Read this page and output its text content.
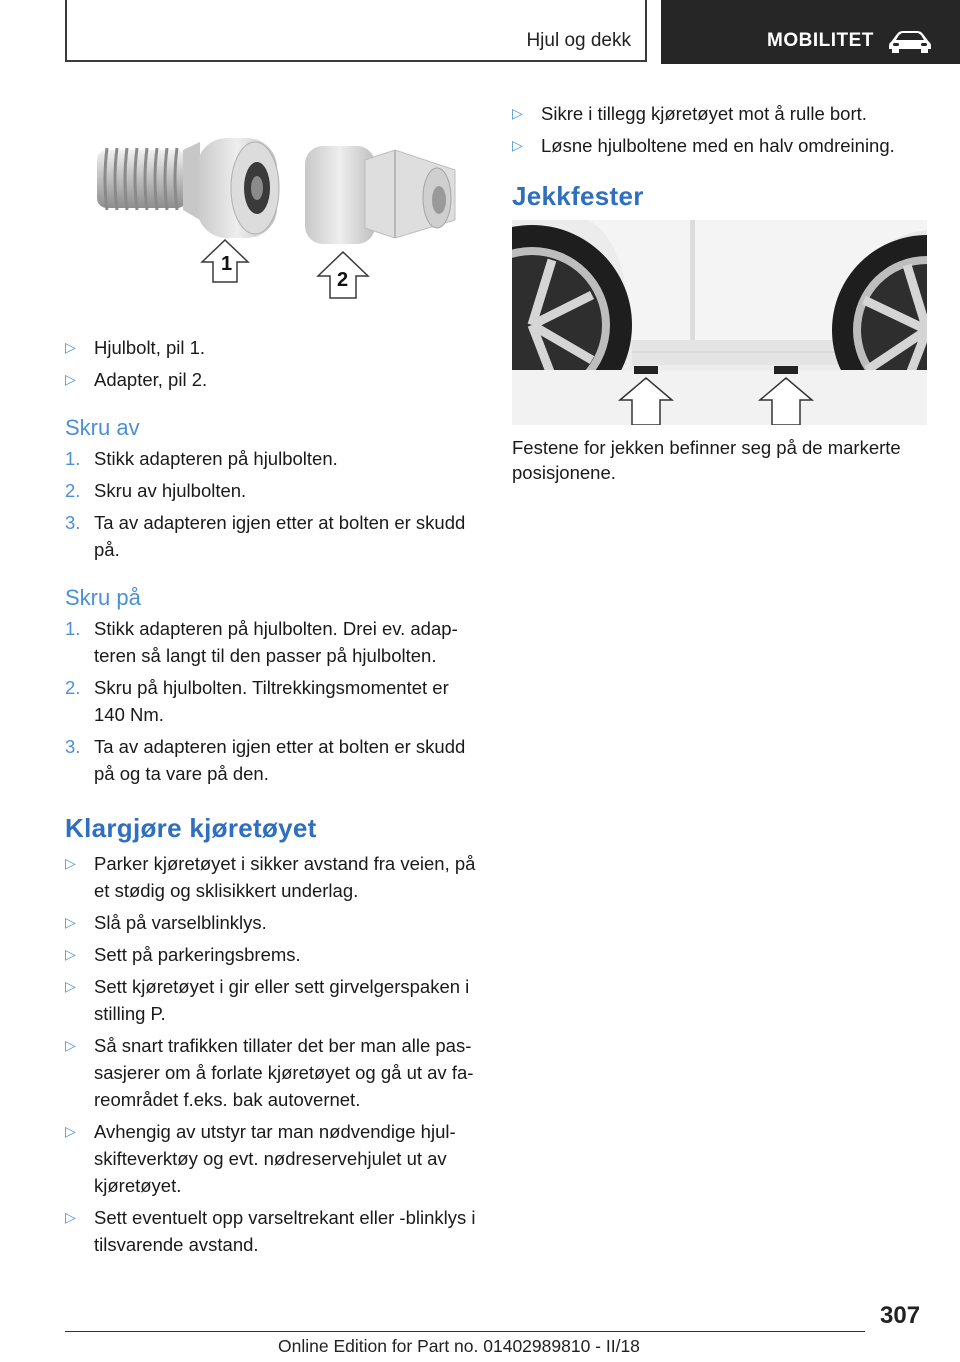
Hjul og dekk	MOBILITET
1
2
▷ Hjulbolt, pil 1.
▷ Adapter, pil 2.
Skru av
1. Stikk adapteren på hjulbolten.
2. Skru av hjulbolten.
3. Ta av adapteren igjen etter at bolten er skudd på.
Skru på
1. Stikk adapteren på hjulbolten. Drei ev. adapteren så langt til den passer på hjulbolten.
2. Skru på hjulbolten. Tiltrekkingsmomentet er 140 Nm.
3. Ta av adapteren igjen etter at bolten er skudd på og ta vare på den.
Klargjøre kjøretøyet
▷ Parker kjøretøyet i sikker avstand fra veien, på et stødig og sklisikkert underlag.
▷ Slå på varselblinklys.
▷ Sett på parkeringsbrems.
▷ Sett kjøretøyet i gir eller sett girvelgerspaken i stilling P.
▷ Så snart trafikken tillater det ber man alle passasjerer om å forlate kjøretøyet og gå ut av fareområdet f.eks. bak autovernet.
▷ Avhengig av utstyr tar man nødvendige hjulskifteverktøy og evt. nødreservehjulet ut av kjøretøyet.
▷ Sett eventuelt opp varseltrekant eller -blinklys i tilsvarende avstand.
▷ Sikre i tillegg kjøretøyet mot å rulle bort.
▷ Løsne hjulboltene med en halv omdreining.
Jekkfester

Festene for jekken befinner seg på de markerte posisjonene.

307
Online Edition for Part no. 01402989810 - II/18
